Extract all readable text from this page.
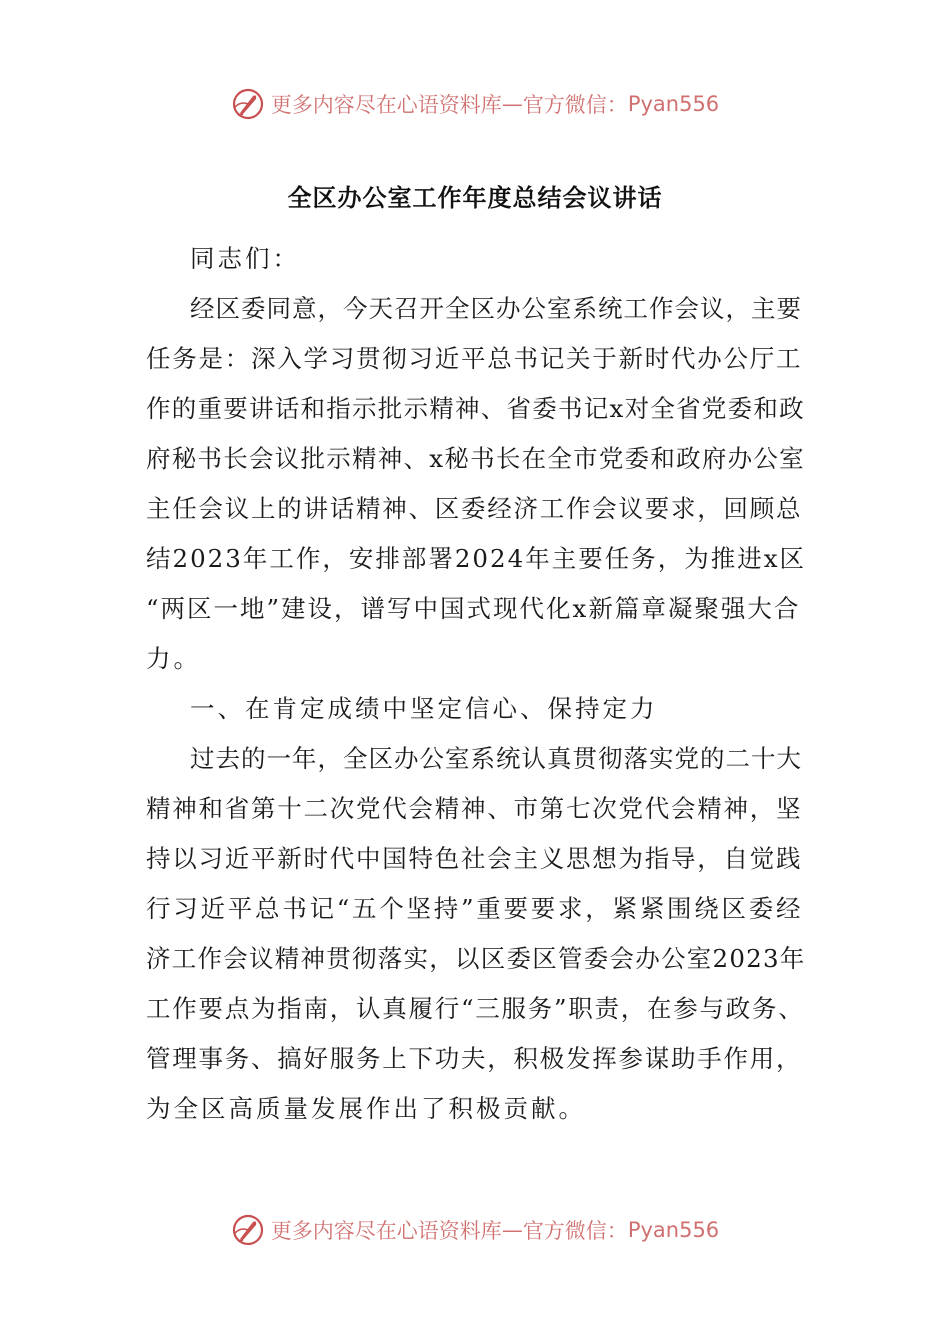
更多内容尽在心语资料库 — 官方微信： Pyan556
全区办公室工作年度总结会议讲话

同志们：

经区委同意，今天召开全区办公室系统工作会议，主要
任务是：深入学习贯彻习近平总书记关于新时代办公厅工
作的重要讲话和指示批示精神、省委书记x对全省党委和政
府秘书长会议批示精神、x秘书长在全市党委和政府办公室
主任会议上的讲话精神、区委经济工作会议要求，回顾总
结2023年工作，安排部署2024年主要任务，为推进x区
“两区一地”建设，谱写中国式现代化x新篇章凝聚强大合
力。

一、在肯定成绩中坚定信心、保持定力

过去的一年，全区办公室系统认真贯彻落实党的二十大
精神和省第十二次党代会精神、市第七次党代会精神，坚
持以习近平新时代中国特色社会主义思想为指导，自觉践
行习近平总书记“五个坚持”重要要求，紧紧围绕区委经
济工作会议精神贯彻落实，以区委区管委会办公室2023年
工作要点为指南，认真履行“三服务”职责，在参与政务、
管理事务、搞好服务上下功夫，积极发挥参谋助手作用，
为全区高质量发展作出了积极贡献。

更多内容尽在心语资料库 — 官方微信： Pyan556
